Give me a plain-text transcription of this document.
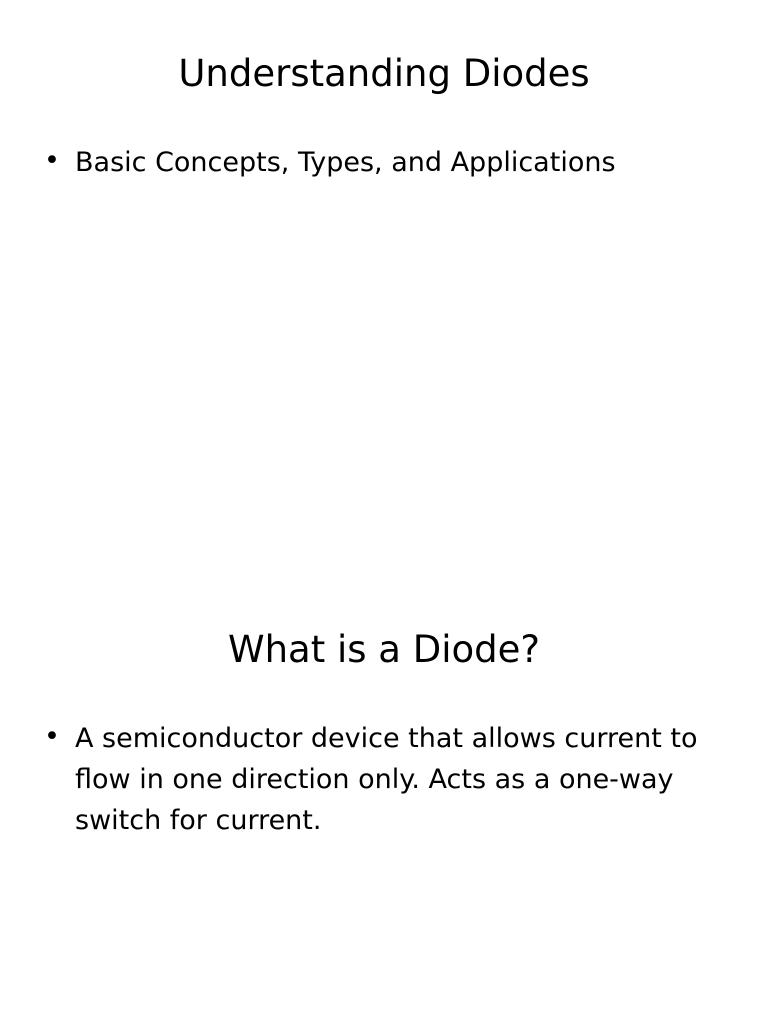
Understanding Diodes
• Basic Concepts, Types, and Applications
What is a Diode?
• A semiconductor device that allows current to flow in one direction only. Acts as a one-way switch for current.
